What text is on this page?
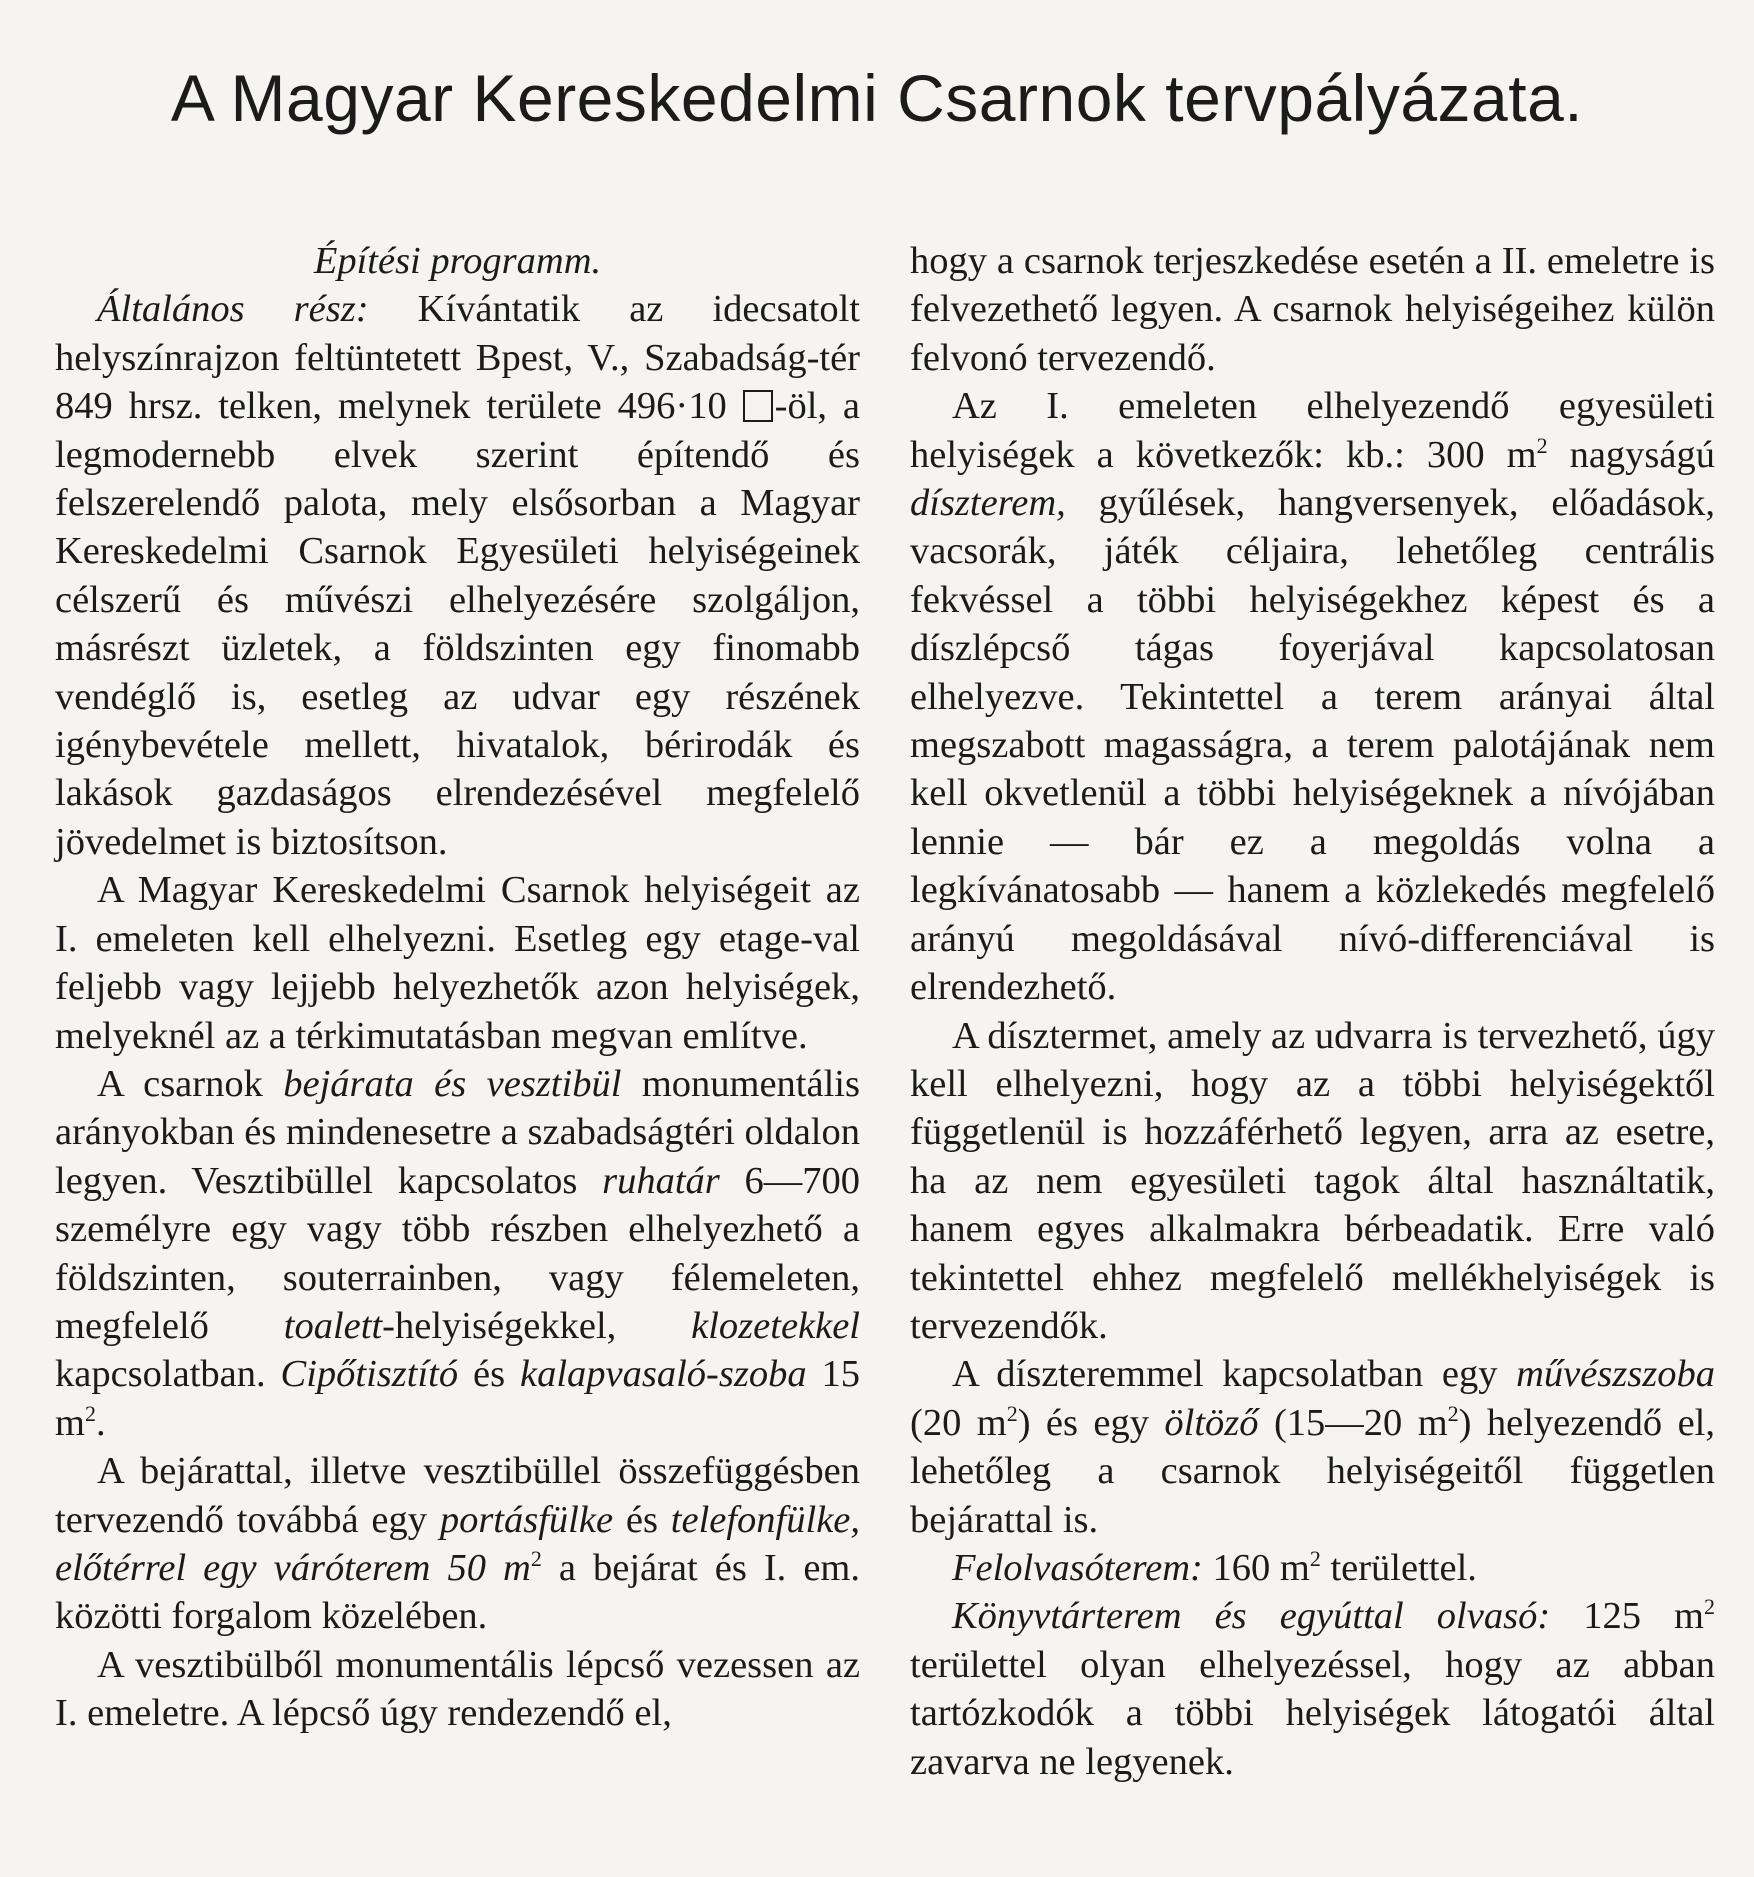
A Magyar Kereskedelmi Csarnok tervpályázata.

Építési programm.

Általános rész: Kívántatik az idecsatolt helyszínrajzon feltüntetett Bpest, V., Szabadság-tér 849 hrsz. telken, melynek területe 496·10 -öl, a legmodernebb elvek szerint építendő és felszerelendő palota, mely elsősorban a Magyar Kereskedelmi Csarnok Egyesületi helyiségeinek célszerű és művészi elhelyezésére szolgáljon, másrészt üzletek, a földszinten egy finomabb vendéglő is, esetleg az udvar egy részének igénybevétele mellett, hivatalok, bérirodák és lakások gazdaságos elrendezésével megfelelő jövedelmet is biztosítson.

A Magyar Kereskedelmi Csarnok helyiségeit az I. emeleten kell elhelyezni. Esetleg egy etage-val feljebb vagy lejjebb helyezhetők azon helyiségek, melyeknél az a térkimutatásban megvan említve.

A csarnok bejárata és vesztibül monumentális arányokban és mindenesetre a szabadságtéri oldalon legyen. Vesztibüllel kapcsolatos ruhatár 6—700 személyre egy vagy több részben elhelyezhető a földszinten, souterrainben, vagy félemeleten, megfelelő toalett-helyiségekkel, klozetekkel kapcsolatban. Cipőtisztító és kalapvasaló-szoba 15 $m^2$.

A bejárattal, illetve vesztibüllel összefüggésben tervezendő továbbá egy portásfülke és telefonfülke, előtérrel egy váróterem 50 $m^2$ a bejárat és I. em. közötti forgalom közelében.

A vesztibülből monumentális lépcső vezessen az I. emeletre. A lépcső úgy rendezendő el,

hogy a csarnok terjeszkedése esetén a II. emeletre is felvezethető legyen. A csarnok helyiségeihez külön felvonó tervezendő.

Az I. emeleten elhelyezendő egyesületi helyiségek a következők: kb.: 300 $m^2$ nagyságú díszterem, gyűlések, hangversenyek, előadások, vacsorák, játék céljaira, lehetőleg centrális fekvéssel a többi helyiségekhez képest és a díszlépcső tágas foyerjával kapcsolatosan elhelyezve. Tekintettel a terem arányai által megszabott magasságra, a terem palotájának nem kell okvetlenül a többi helyiségeknek a nívójában lennie — bár ez a megoldás volna a legkívánatosabb — hanem a közlekedés megfelelő arányú megoldásával nívó-differenciával is elrendezhető.

A dísztermet, amely az udvarra is tervezhető, úgy kell elhelyezni, hogy az a többi helyiségektől függetlenül is hozzáférhető legyen, arra az esetre, ha az nem egyesületi tagok által használtatik, hanem egyes alkalmakra bérbeadatik. Erre való tekintettel ehhez megfelelő mellékhelyiségek is tervezendők.

A díszteremmel kapcsolatban egy művészszoba (20 $m^2$) és egy öltöző (15—20 $m^2$) helyezendő el, lehetőleg a csarnok helyiségeitől független bejárattal is.

Felolvasóterem: 160 $m^2$ területtel.

Könyvtárterem és egyúttal olvasó: 125 $m^2$ területtel olyan elhelyezéssel, hogy az abban tartózkodók a többi helyiségek látogatói által zavarva ne legyenek.
